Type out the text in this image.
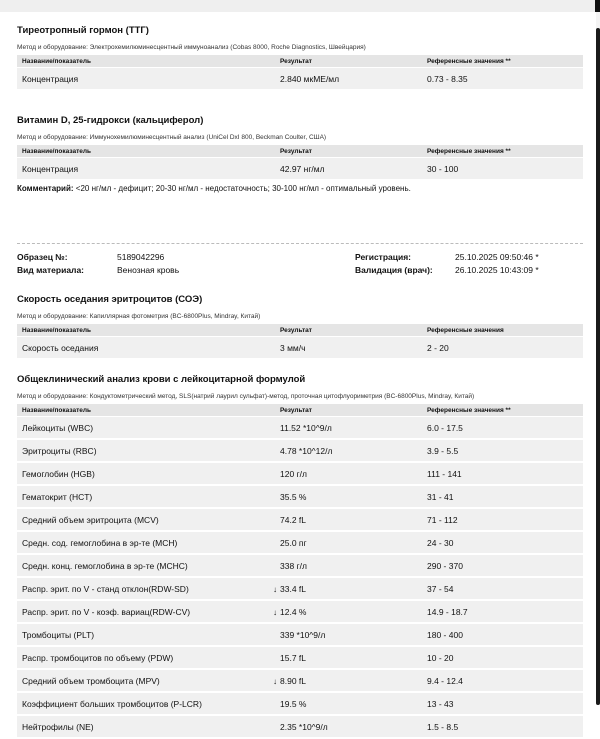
Тиреотропный гормон (ТТГ)
Метод и оборудование: Электрохемилюминесцентный иммуноанализ (Cobas 8000, Roche Diagnostics, Швейцария)
Название/показатель	Результат	Референсные значения **
Концентрация	2.840 мкМЕ/мл	0.73 - 8.35
Витамин D, 25-гидрокси (кальциферол)
Метод и оборудование: Иммунохемилюминесцентный анализ (UniCel DxI 800, Beckman Coulter, США)
Название/показатель	Результат	Референсные значения **
Концентрация	42.97 нг/мл	30 - 100
Комментарий: <20 нг/мл - дефицит; 20-30 нг/мл - недостаточность; 30-100 нг/мл - оптимальный уровень.
Образец №:	5189042296
Вид материала:	Венозная кровь
Регистрация:	25.10.2025 09:50:46 *
Валидация (врач):	26.10.2025 10:43:09 *
Скорость оседания эритроцитов (СОЭ)
Метод и оборудование: Капиллярная фотометрия (BC-6800Plus, Mindray, Китай)
Название/показатель	Результат	Референсные значения
Скорость оседания	3 мм/ч	2 - 20
Общеклинический анализ крови с лейкоцитарной формулой
Метод и оборудование: Кондуктометрический метод, SLS(натрий лаурил сульфат)-метод, проточная цитофлуориметрия (BC-6800Plus, Mindray, Китай)
Название/показатель	Результат	Референсные значения **
Лейкоциты (WBC)	11.52 *10^9/л	6.0 - 17.5
Эритроциты (RBC)	4.78 *10^12/л	3.9 - 5.5
Гемоглобин (HGB)	120 г/л	111 - 141
Гематокрит (HCT)	35.5 %	31 - 41
Средний объем эритроцита (MCV)	74.2 fL	71 - 112
Средн. сод. гемоглобина в эр-те (MCH)	25.0 пг	24 - 30
Средн. конц. гемоглобина в эр-те (MCHC)	338 г/л	290 - 370
Распр. эрит. по V - станд отклон(RDW-SD)	↓ 33.4 fL	37 - 54
Распр. эрит. по V - коэф. вариац(RDW-CV)	↓ 12.4 %	14.9 - 18.7
Тромбоциты (PLT)	339 *10^9/л	180 - 400
Распр. тромбоцитов по объему (PDW)	15.7 fL	10 - 20
Средний объем тромбоцита (MPV)	↓ 8.90 fL	9.4 - 12.4
Коэффициент больших тромбоцитов (P-LCR)	19.5 %	13 - 43
Нейтрофилы (NE)	2.35 *10^9/л	1.5 - 8.5
